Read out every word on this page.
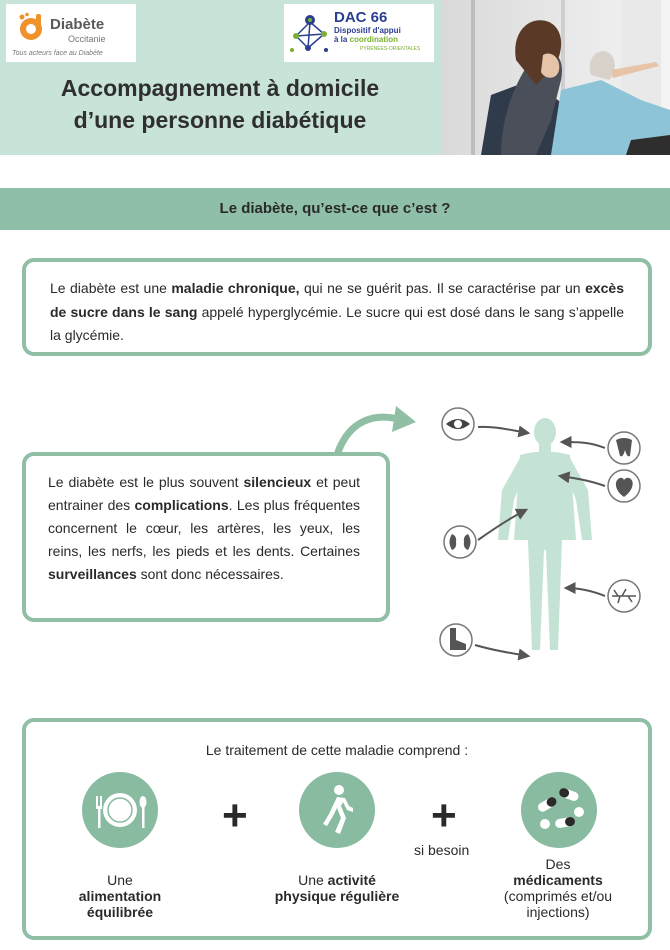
Diabète
Occitanie
Tous acteurs face au Diabète
DAC 66
Dispositif d'appui
à la coordination
PYRÉNÉES-ORIENTALES
Accompagnement à domicile
d’une personne diabétique
Le diabète, qu’est-ce que c’est ?

Le diabète est une maladie chronique, qui ne se guérit pas. Il se caractérise par un excès de sucre dans le sang appelé hyperglycémie. Le sucre qui est dosé dans le sang s’appelle la glycémie.

Le diabète est le plus souvent silencieux et peut entrainer des complications. Les plus fréquentes concernent le cœur, les artères, les yeux, les reins, les nerfs, les pieds et les dents. Certaines surveillances sont donc nécessaires.

Le traitement de cette maladie comprend :
+	+
si besoin
Une
alimentation équilibrée
Une activité physique régulière
Des
médicaments
(comprimés et/ou injections)
